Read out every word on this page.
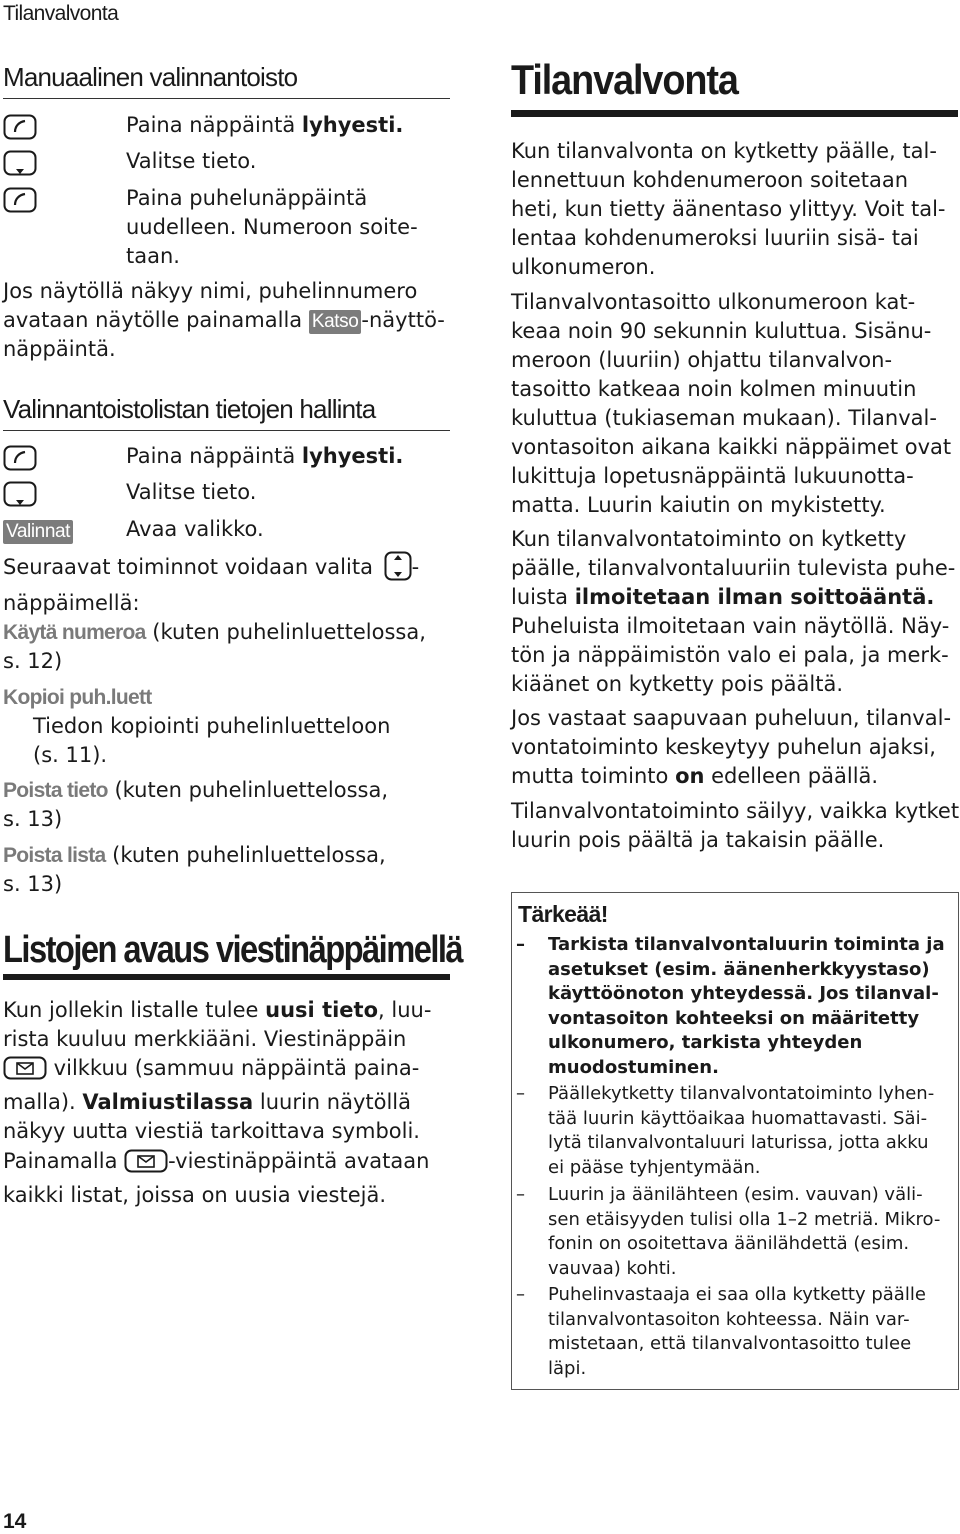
Tilanvalvonta
Manuaalinen valinnantoisto
Paina näppäintä lyhyesti.
Valitse tieto.
Paina puhelunäppäintä
uudelleen. Numeroon soite-
taan.
Jos näytöllä näkyy nimi, puhelinnumero
avataan näytölle painamalla Katso -näyttö-
näppäintä.
Valinnantoistolistan tietojen hallinta
Paina näppäintä lyhyesti.
Valitse tieto.
Valinnat	Avaa valikko.
Seuraavat toiminnot voidaan valita -
näppäimellä:
Käytä numeroa (kuten puhelinluettelossa,
s. 12)
Kopioi puh.luett
Tiedon kopiointi puhelinluetteloon
(s. 11).
Poista tieto (kuten puhelinluettelossa,
s. 13)
Poista lista (kuten puhelinluettelossa,
s. 13)
Listojen avaus viestinäppäimellä
Kun jollekin listalle tulee uusi tieto, luu-
rista kuuluu merkkiääni. Viestinäppäin
vilkkuu (sammuu näppäintä paina-
malla). Valmiustilassa luurin näytöllä
näkyy uutta viestiä tarkoittava symboli.
Painamalla -viestinäppäintä avataan
kaikki listat, joissa on uusia viestejä.
Tilanvalvonta
Kun tilanvalvonta on kytketty päälle, tal-
lennettuun kohdenumeroon soitetaan
heti, kun tietty äänentaso ylittyy. Voit tal-
lentaa kohdenumeroksi luuriin sisä- tai
ulkonumeron.
Tilanvalvontasoitto ulkonumeroon kat-
keaa noin 90 sekunnin kuluttua. Sisänu-
meroon (luuriin) ohjattu tilanvalvon-
tasoitto katkeaa noin kolmen minuutin
kuluttua (tukiaseman mukaan). Tilanval-
vontasoiton aikana kaikki näppäimet ovat
lukittuja lopetusnäppäintä lukuunotta-
matta. Luurin kaiutin on mykistetty.
Kun tilanvalvontatoiminto on kytketty
päälle, tilanvalvontaluuriin tulevista puhe-
luista ilmoitetaan ilman soittoääntä.
Puheluista ilmoitetaan vain näytöllä. Näy-
tön ja näppäimistön valo ei pala, ja merk-
kiäänet on kytketty pois päältä.
Jos vastaat saapuvaan puheluun, tilanval-
vontatoiminto keskeytyy puhelun ajaksi,
mutta toiminto on edelleen päällä.
Tilanvalvontatoiminto säilyy, vaikka kytket
luurin pois päältä ja takaisin päälle.
Tärkeää!
– Tarkista tilanvalvontaluurin toiminta ja
asetukset (esim. äänenherkkyystaso)
käyttöönoton yhteydessä. Jos tilanval-
vontasoiton kohteeksi on määritetty
ulkonumero, tarkista yhteyden
muodostuminen.
– Päällekytketty tilanvalvontatoiminto lyhen-
tää luurin käyttöaikaa huomattavasti. Säi-
lytä tilanvalvontaluuri laturissa, jotta akku
ei pääse tyhjentymään.
– Luurin ja äänilähteen (esim. vauvan) väli-
sen etäisyyden tulisi olla 1–2 metriä. Mikro-
fonin on osoitettava äänilähdettä (esim.
vauvaa) kohti.
– Puhelinvastaaja ei saa olla kytketty päälle
tilanvalvontasoiton kohteessa. Näin var-
mistetaan, että tilanvalvontasoitto tulee
läpi.
14
